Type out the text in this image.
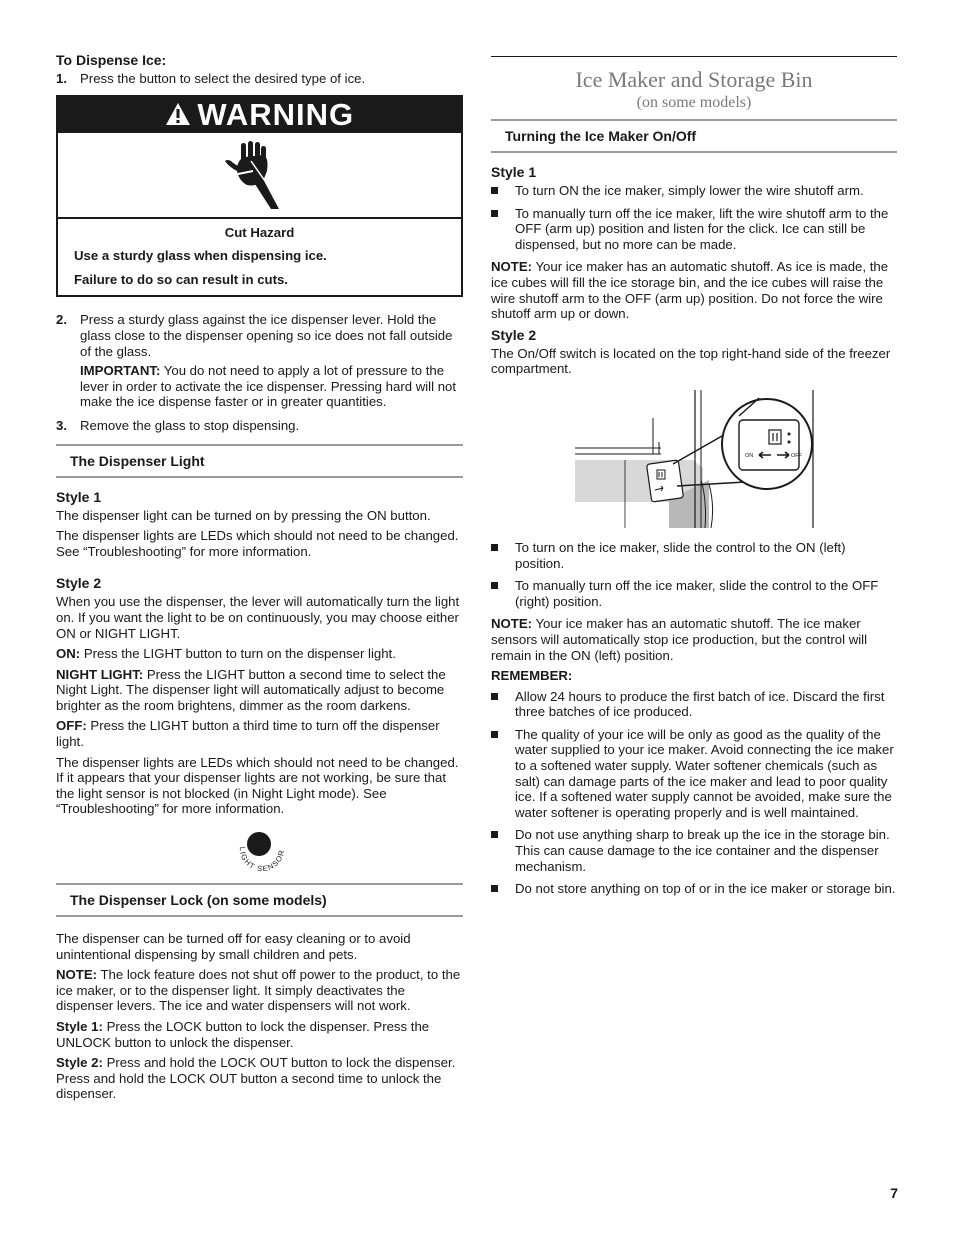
To Dispense Ice:

1. Press the button to select the desired type of ice.
WARNING

Cut Hazard

Use a sturdy glass when dispensing ice.

Failure to do so can result in cuts.

2. Press a sturdy glass against the ice dispenser lever. Hold the glass close to the dispenser opening so ice does not fall outside of the glass.

IMPORTANT: You do not need to apply a lot of pressure to the lever in order to activate the ice dispenser. Pressing hard will not make the ice dispense faster or in greater quantities.

3. Remove the glass to stop dispensing.
The Dispenser Light

Style 1

The dispenser light can be turned on by pressing the ON button.

The dispenser lights are LEDs which should not need to be changed. See “Troubleshooting” for more information.

Style 2

When you use the dispenser, the lever will automatically turn the light on. If you want the light to be on continuously, you may choose either ON or NIGHT LIGHT.

ON: Press the LIGHT button to turn on the dispenser light.

NIGHT LIGHT: Press the LIGHT button a second time to select the Night Light. The dispenser light will automatically adjust to become brighter as the room brightens, dimmer as the room darkens.

OFF: Press the LIGHT button a third time to turn off the dispenser light.

The dispenser lights are LEDs which should not need to be changed. If it appears that your dispenser lights are not working, be sure that the light sensor is not blocked (in Night Light mode). See “Troubleshooting” for more information.

LIGHT SENSOR
The Dispenser Lock (on some models)

The dispenser can be turned off for easy cleaning or to avoid unintentional dispensing by small children and pets.

NOTE: The lock feature does not shut off power to the product, to the ice maker, or to the dispenser light. It simply deactivates the dispenser levers. The ice and water dispensers will not work.

Style 1: Press the LOCK button to lock the dispenser. Press the UNLOCK button to unlock the dispenser.

Style 2: Press and hold the LOCK OUT button to lock the dispenser. Press and hold the LOCK OUT button a second time to unlock the dispenser.

Ice Maker and Storage Bin
(on some models)
Turning the Ice Maker On/Off

Style 1

To turn ON the ice maker, simply lower the wire shutoff arm.
To manually turn off the ice maker, lift the wire shutoff arm to the OFF (arm up) position and listen for the click. Ice can still be dispensed, but no more can be made.

NOTE: Your ice maker has an automatic shutoff. As ice is made, the ice cubes will fill the ice storage bin, and the ice cubes will raise the wire shutoff arm to the OFF (arm up) position. Do not force the wire shutoff arm up or down.

Style 2

The On/Off switch is located on the top right-hand side of the freezer compartment.

ON	OFF
To turn on the ice maker, slide the control to the ON (left) position.
To manually turn off the ice maker, slide the control to the OFF (right) position.

NOTE: Your ice maker has an automatic shutoff. The ice maker sensors will automatically stop ice production, but the control will remain in the ON (left) position.

REMEMBER:

Allow 24 hours to produce the first batch of ice. Discard the first three batches of ice produced.
The quality of your ice will be only as good as the quality of the water supplied to your ice maker. Avoid connecting the ice maker to a softened water supply. Water softener chemicals (such as salt) can damage parts of the ice maker and lead to poor quality ice. If a softened water supply cannot be avoided, make sure the water softener is operating properly and is well maintained.
Do not use anything sharp to break up the ice in the storage bin. This can cause damage to the ice container and the dispenser mechanism.
Do not store anything on top of or in the ice maker or storage bin.
7
